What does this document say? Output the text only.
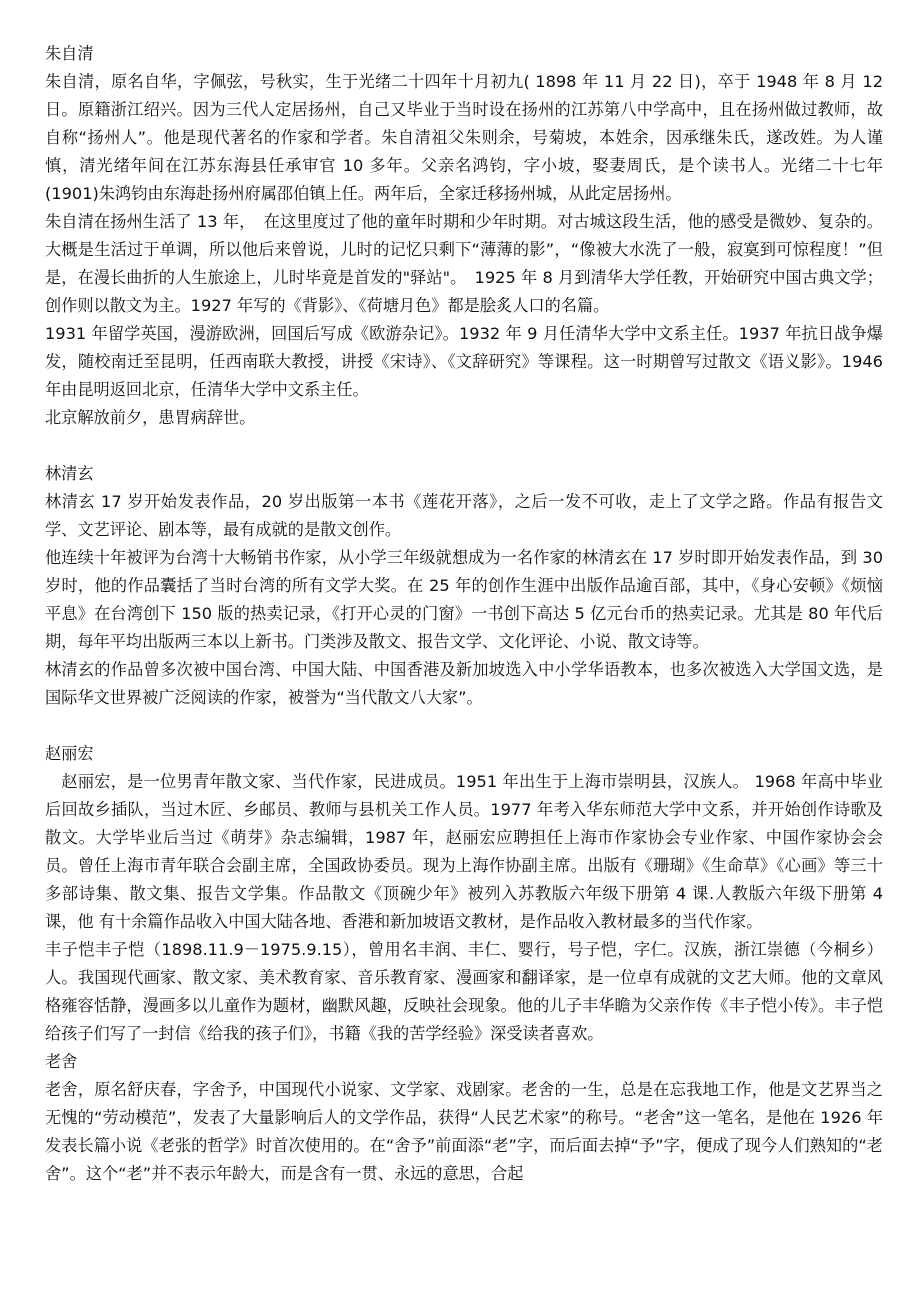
朱自清

朱自清，原名自华，字佩弦，号秋实，生于光绪二十四年十月初九( 1898 年 11 月 22 日)，卒于 1948 年 8 月 12 日。原籍浙江绍兴。因为三代人定居扬州，自己又毕业于当时设在扬州的江苏第八中学高中，且在扬州做过教师，故自称“扬州人”。他是现代著名的作家和学者。朱自清祖父朱则余，号菊坡，本姓余，因承继朱氏，遂改姓。为人谨慎，清光绪年间在江苏东海县任承审官 10 多年。父亲名鸿钧，字小坡，娶妻周氏，是个读书人。光绪二十七年(1901)朱鸿钧由东海赴扬州府属邵伯镇上任。两年后，全家迁移扬州城，从此定居扬州。

朱自清在扬州生活了 13 年，　在这里度过了他的童年时期和少年时期。对古城这段生活，他的感受是微妙、复杂的。大概是生活过于单调，所以他后来曾说，儿时的记忆只剩下“薄薄的影”，“像被大水洗了一般，寂寞到可惊程度！”但是，在漫长曲折的人生旅途上，儿时毕竟是首发的"驿站"。　1925 年 8 月到清华大学任教，开始研究中国古典文学；创作则以散文为主。1927 年写的《背影》、《荷塘月色》都是脍炙人口的名篇。

1931 年留学英国，漫游欧洲，回国后写成《欧游杂记》。1932 年 9 月任清华大学中文系主任。1937 年抗日战争爆发，随校南迁至昆明，任西南联大教授，讲授《宋诗》、《文辞研究》等课程。这一时期曾写过散文《语义影》。1946 年由昆明返回北京，任清华大学中文系主任。

北京解放前夕，患胃病辞世。

林清玄

林清玄 17 岁开始发表作品，20 岁出版第一本书《莲花开落》，之后一发不可收，走上了文学之路。作品有报告文学、文艺评论、剧本等，最有成就的是散文创作。

他连续十年被评为台湾十大畅销书作家，从小学三年级就想成为一名作家的林清玄在 17 岁时即开始发表作品，到 30 岁时，他的作品囊括了当时台湾的所有文学大奖。在 25 年的创作生涯中出版作品逾百部，其中，《身心安顿》《烦恼平息》在台湾创下 150 版的热卖记录，《打开心灵的门窗》一书创下高达 5 亿元台币的热卖记录。尤其是 80 年代后期，每年平均出版两三本以上新书。门类涉及散文、报告文学、文化评论、小说、散文诗等。

林清玄的作品曾多次被中国台湾、中国大陆、中国香港及新加坡选入中小学华语教本，也多次被选入大学国文选，是国际华文世界被广泛阅读的作家，被誉为“当代散文八大家”。

赵丽宏

　赵丽宏，是一位男青年散文家、当代作家，民进成员。1951 年出生于上海市崇明县，汉族人。 1968 年高中毕业后回故乡插队，当过木匠、乡邮员、教师与县机关工作人员。1977 年考入华东师范大学中文系，并开始创作诗歌及散文。大学毕业后当过《萌芽》杂志编辑，1987 年，赵丽宏应聘担任上海市作家协会专业作家、中国作家协会会员。曾任上海市青年联合会副主席，全国政协委员。现为上海作协副主席。出版有《珊瑚》《生命草》《心画》等三十多部诗集、散文集、报告文学集。作品散文《顶碗少年》被列入苏教版六年级下册第 4 课.人教版六年级下册第 4 课，他 有十余篇作品收入中国大陆各地、香港和新加坡语文教材，是作品收入教材最多的当代作家。

丰子恺丰子恺（1898.11.9－1975.9.15），曾用名丰润、丰仁、婴行，号子恺，字仁。汉族，浙江崇德（今桐乡）人。我国现代画家、散文家、美术教育家、音乐教育家、漫画家和翻译家，是一位卓有成就的文艺大师。他的文章风格雍容恬静，漫画多以儿童作为题材，幽默风趣，反映社会现象。他的儿子丰华瞻为父亲作传《丰子恺小传》。丰子恺给孩子们写了一封信《给我的孩子们》，书籍《我的苦学经验》深受读者喜欢。

老舍

老舍，原名舒庆春，字舍予，中国现代小说家、文学家、戏剧家。老舍的一生，总是在忘我地工作，他是文艺界当之无愧的“劳动模范”，发表了大量影响后人的文学作品，获得“人民艺术家”的称号。“老舍”这一笔名，是他在 1926 年发表长篇小说《老张的哲学》时首次使用的。在“舍予”前面添“老”字，而后面去掉“予”字，便成了现今人们熟知的“老舍”。这个“老”并不表示年龄大，而是含有一贯、永远的意思，合起
